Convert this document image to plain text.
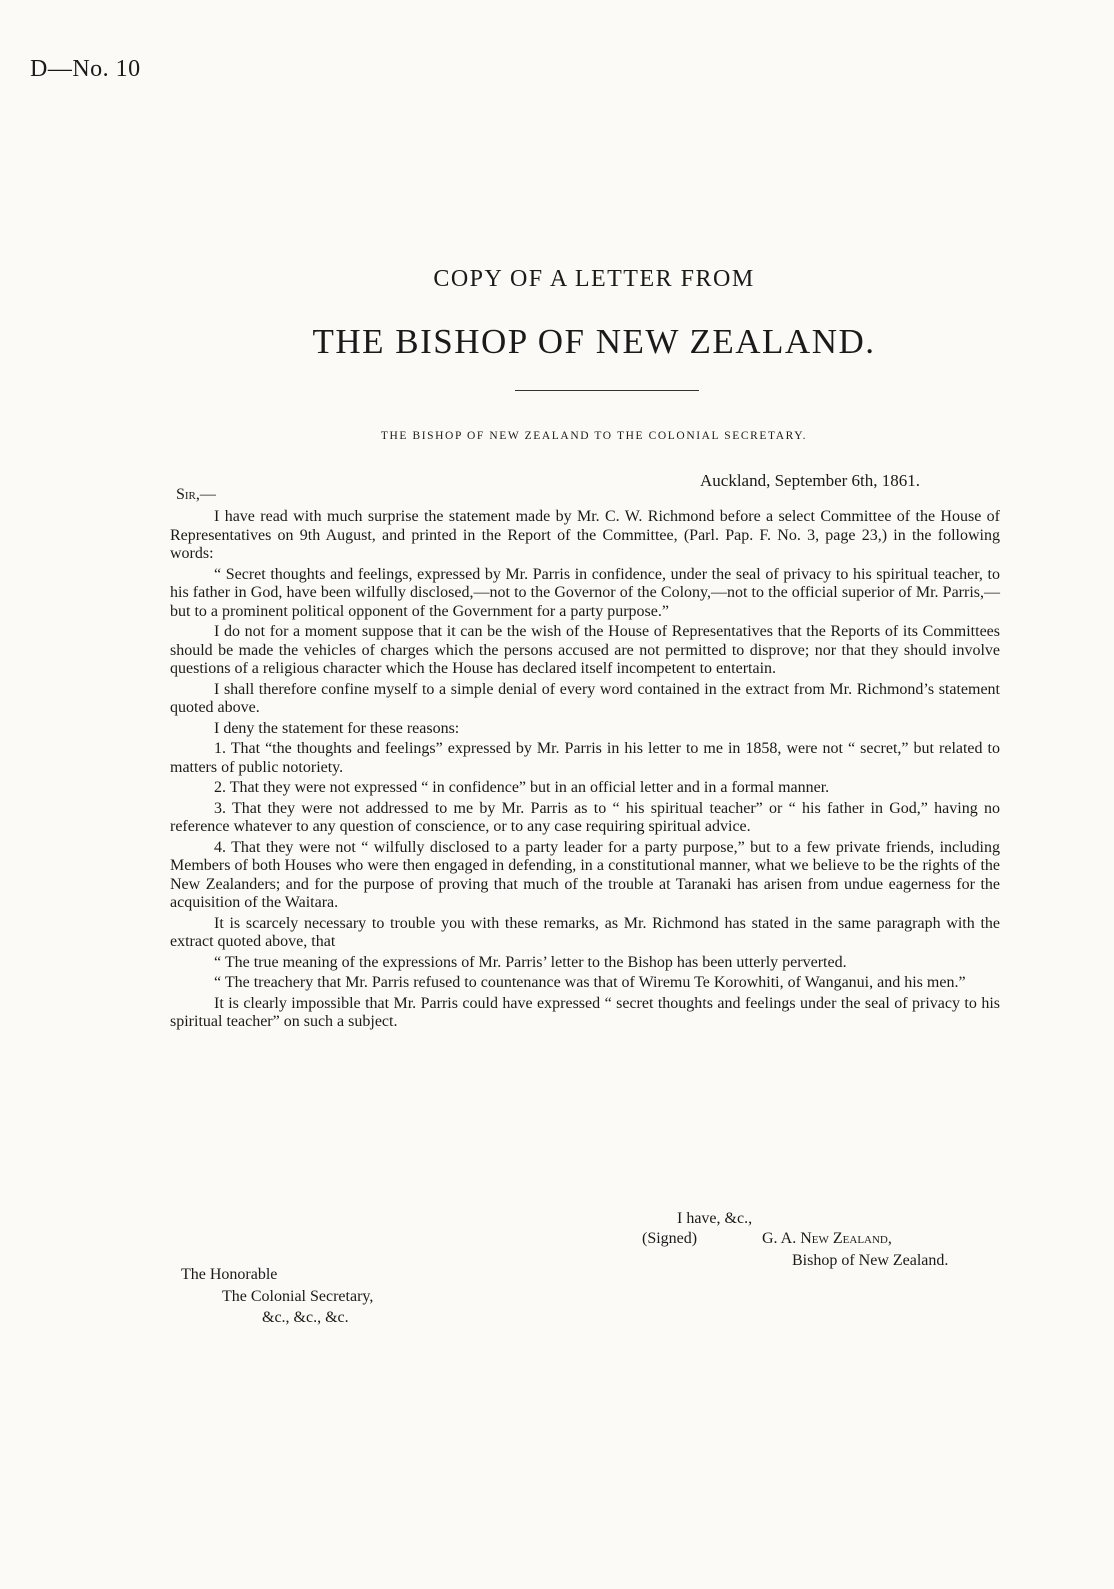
D—No. 10
COPY OF A LETTER FROM
THE BISHOP OF NEW ZEALAND.
THE BISHOP OF NEW ZEALAND TO THE COLONIAL SECRETARY.
Auckland, September 6th, 1861.
Sir,—

I have read with much surprise the statement made by Mr. C. W. Richmond before a select Committee of the House of Representatives on 9th August, and printed in the Report of the Committee, (Parl. Pap. F. No. 3, page 23,) in the following words:

“ Secret thoughts and feelings, expressed by Mr. Parris in confidence, under the seal of privacy to his spiritual teacher, to his father in God, have been wilfully disclosed,—not to the Governor of the Colony,—not to the official superior of Mr. Parris,—but to a prominent political opponent of the Government for a party purpose.”

I do not for a moment suppose that it can be the wish of the House of Representatives that the Reports of its Committees should be made the vehicles of charges which the persons accused are not permitted to disprove; nor that they should involve questions of a religious character which the House has declared itself incompetent to entertain.

I shall therefore confine myself to a simple denial of every word contained in the extract from Mr. Richmond’s statement quoted above.

I deny the statement for these reasons:

1. That “the thoughts and feelings” expressed by Mr. Parris in his letter to me in 1858, were not “ secret,” but related to matters of public notoriety.

2. That they were not expressed “ in confidence” but in an official letter and in a formal manner.

3. That they were not addressed to me by Mr. Parris as to “ his spiritual teacher” or “ his father in God,” having no reference whatever to any question of conscience, or to any case requiring spiritual advice.

4. That they were not “ wilfully disclosed to a party leader for a party purpose,” but to a few private friends, including Members of both Houses who were then engaged in defending, in a constitutional manner, what we believe to be the rights of the New Zealanders; and for the purpose of proving that much of the trouble at Taranaki has arisen from undue eagerness for the acquisition of the Waitara.

It is scarcely necessary to trouble you with these remarks, as Mr. Richmond has stated in the same paragraph with the extract quoted above, that

“ The true meaning of the expressions of Mr. Parris’ letter to the Bishop has been utterly perverted.

“ The treachery that Mr. Parris refused to countenance was that of Wiremu Te Korowhiti, of Wanganui, and his men.”

It is clearly impossible that Mr. Parris could have expressed “ secret thoughts and feelings under the seal of privacy to his spiritual teacher” on such a subject.

I have, &c.,
(Signed)	G. A. New Zealand,
Bishop of New Zealand.
The Honorable
The Colonial Secretary,
&c., &c., &c.
